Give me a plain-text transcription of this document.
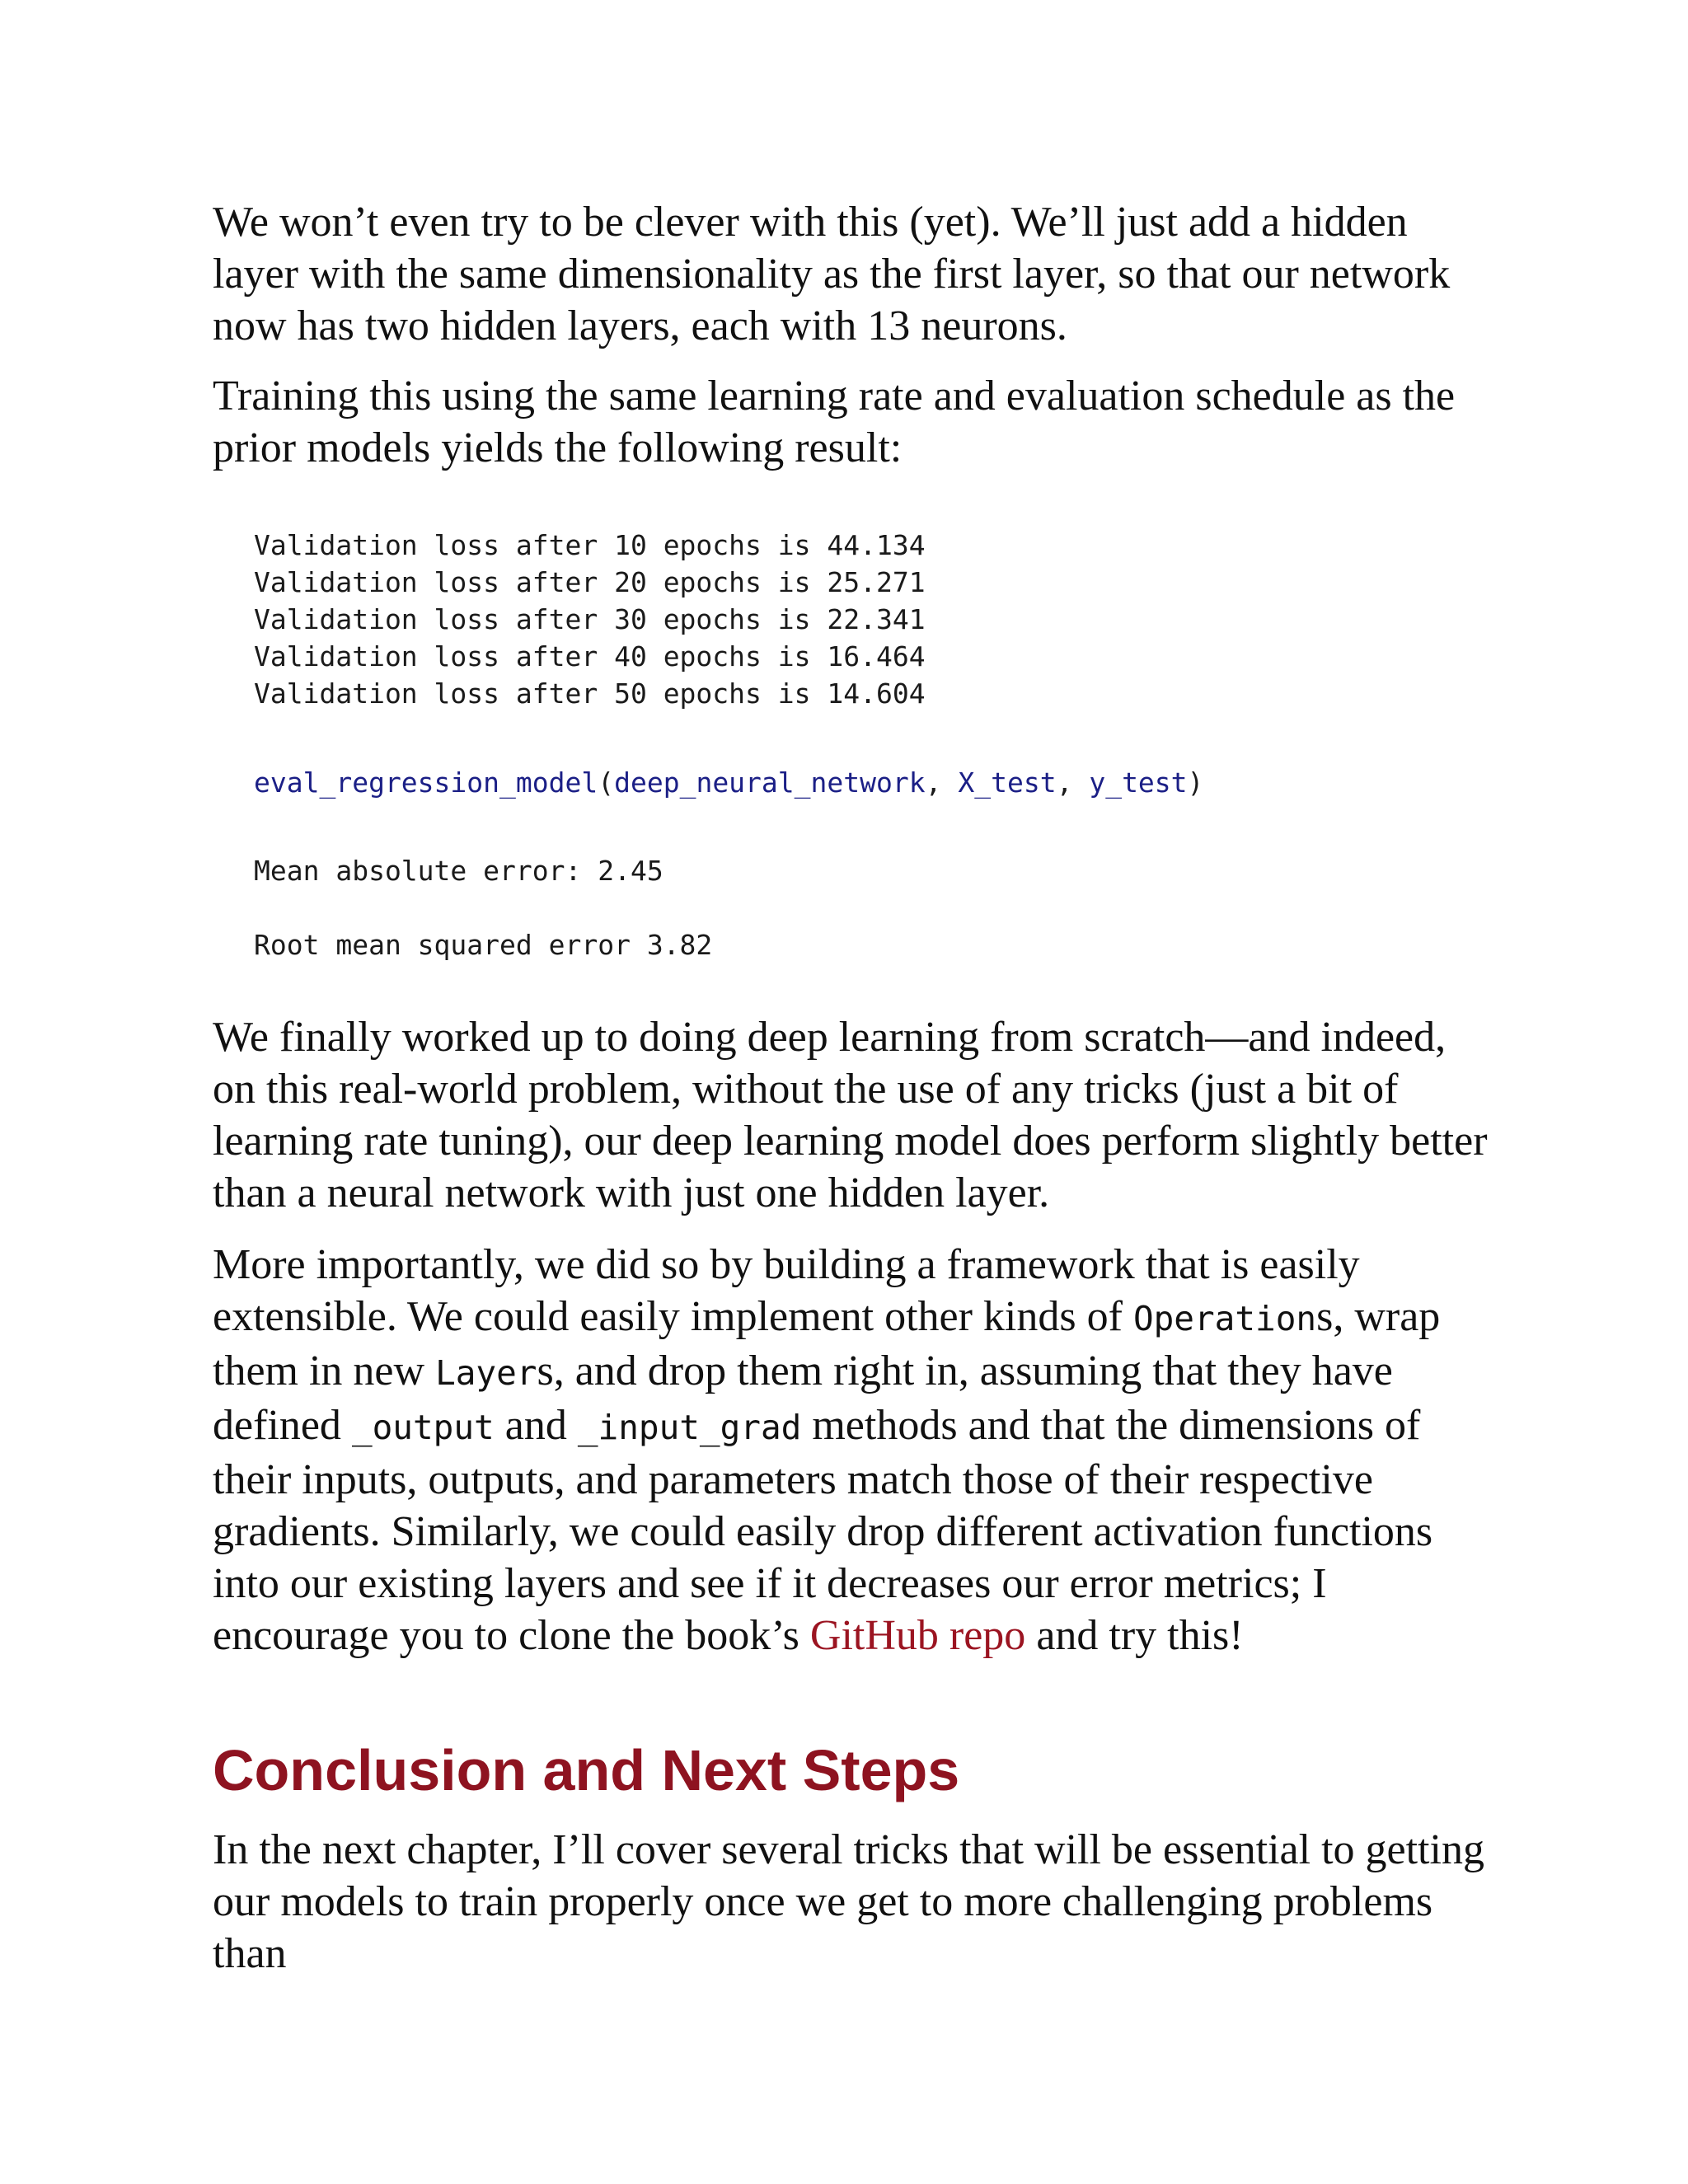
We won’t even try to be clever with this (yet). We’ll just add a hidden layer with the same dimensionality as the first layer, so that our network now has two hidden layers, each with 13 neurons.

Training this using the same learning rate and evaluation schedule as the prior models yields the following result:

Validation loss after 10 epochs is 44.134
Validation loss after 20 epochs is 25.271
Validation loss after 30 epochs is 22.341
Validation loss after 40 epochs is 16.464
Validation loss after 50 epochs is 14.604
eval_regression_model(deep_neural_network, X_test, y_test)
Mean absolute error: 2.45
Root mean squared error 3.82

We finally worked up to doing deep learning from scratch—and indeed, on this real-world problem, without the use of any tricks (just a bit of learning rate tuning), our deep learning model does perform slightly better than a neural network with just one hidden layer.

More importantly, we did so by building a framework that is easily extensible. We could easily implement other kinds of Operations, wrap them in new Layers, and drop them right in, assuming that they have defined _output and _input_grad methods and that the dimensions of their inputs, outputs, and parameters match those of their respective gradients. Similarly, we could easily drop different activation functions into our existing layers and see if it decreases our error metrics; I encourage you to clone the book’s GitHub repo and try this!

Conclusion and Next Steps

In the next chapter, I’ll cover several tricks that will be essential to getting our models to train properly once we get to more challenging problems than
